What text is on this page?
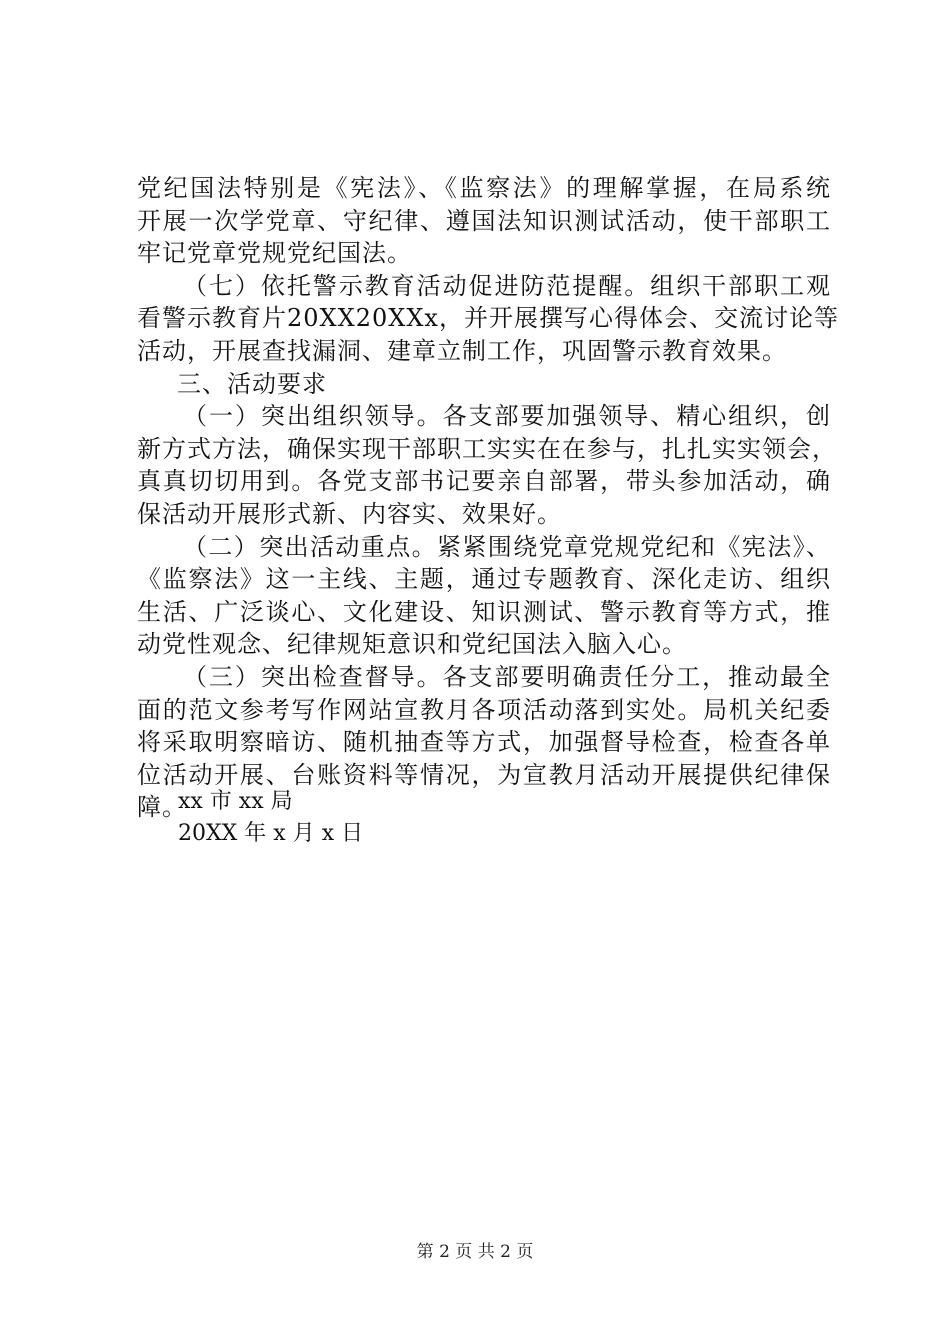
党纪国法特别是《宪法》、《监察法》的理解掌握，在局系统
开展一次学党章、守纪律、遵国法知识测试活动，使干部职工
牢记党章党规党纪国法。
（七）依托警示教育活动促进防范提醒。组织干部职工观
看警示教育片20XX20XXx，并开展撰写心得体会、交流讨论等
活动，开展查找漏洞、建章立制工作，巩固警示教育效果。
三、活动要求
（一）突出组织领导。各支部要加强领导、精心组织，创
新方式方法，确保实现干部职工实实在在参与，扎扎实实领会，
真真切切用到。各党支部书记要亲自部署，带头参加活动，确
保活动开展形式新、内容实、效果好。
（二）突出活动重点。紧紧围绕党章党规党纪和《宪法》、
《监察法》这一主线、主题，通过专题教育、深化走访、组织
生活、广泛谈心、文化建设、知识测试、警示教育等方式，推
动党性观念、纪律规矩意识和党纪国法入脑入心。
（三）突出检查督导。各支部要明确责任分工，推动最全
面的范文参考写作网站宣教月各项活动落到实处。局机关纪委
将采取明察暗访、随机抽查等方式，加强督导检查，检查各单
位活动开展、台账资料等情况，为宣教月活动开展提供纪律保
障。
xx 市 xx 局
20XX 年 x 月 x 日
第 2 页 共 2 页
